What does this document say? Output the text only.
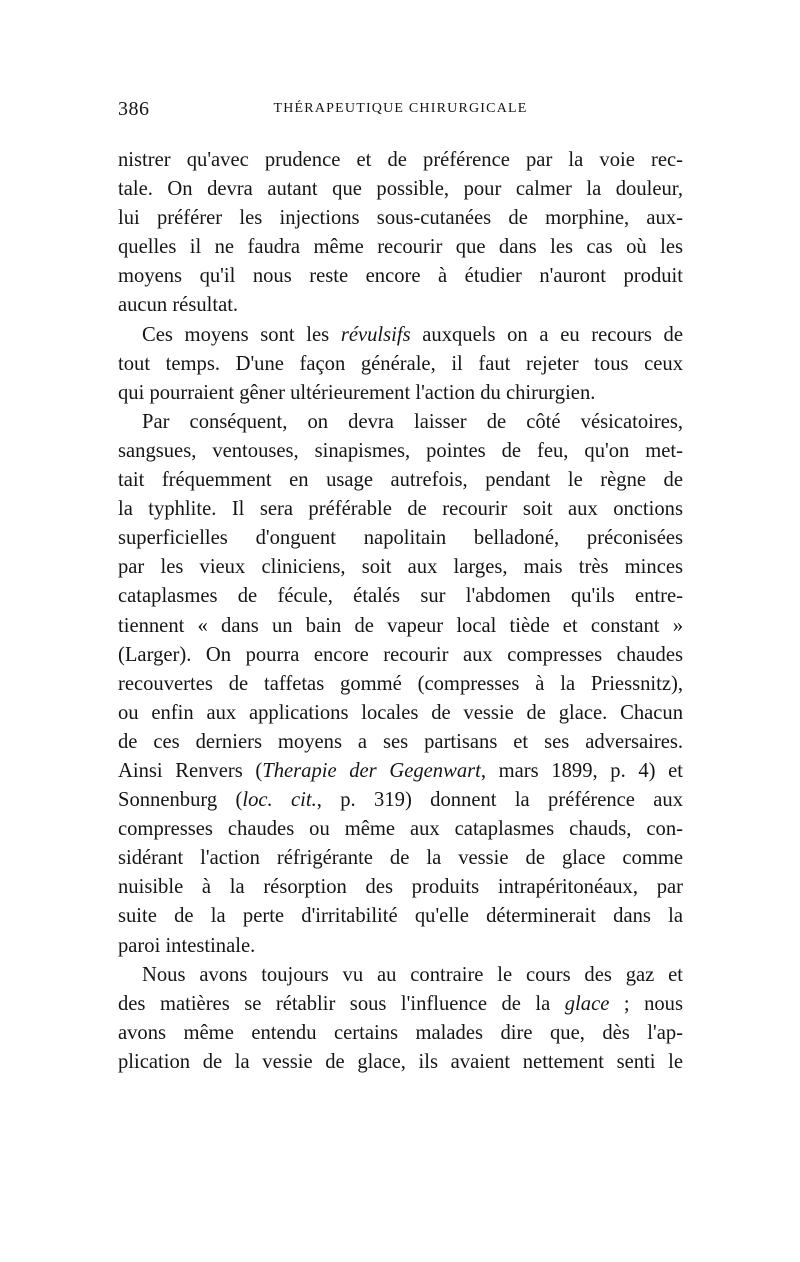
386	THÉRAPEUTIQUE CHIRURGICALE
nistrer qu'avec prudence et de préférence par la voie rec-
tale. On devra autant que possible, pour calmer la douleur,
lui préférer les injections sous-cutanées de morphine, aux-
quelles il ne faudra même recourir que dans les cas où les
moyens qu'il nous reste encore à étudier n'auront produit
aucun résultat.
Ces moyens sont les révulsifs auxquels on a eu recours de
tout temps. D'une façon générale, il faut rejeter tous ceux
qui pourraient gêner ultérieurement l'action du chirurgien.
Par conséquent, on devra laisser de côté vésicatoires,
sangsues, ventouses, sinapismes, pointes de feu, qu'on met-
tait fréquemment en usage autrefois, pendant le règne de
la typhlite. Il sera préférable de recourir soit aux onctions
superficielles d'onguent napolitain belladoné, préconisées
par les vieux cliniciens, soit aux larges, mais très minces
cataplasmes de fécule, étalés sur l'abdomen qu'ils entre-
tiennent « dans un bain de vapeur local tiède et constant »
(Larger). On pourra encore recourir aux compresses chaudes
recouvertes de taffetas gommé (compresses à la Priessnitz),
ou enfin aux applications locales de vessie de glace. Chacun
de ces derniers moyens a ses partisans et ses adversaires.
Ainsi Renvers (Therapie der Gegenwart, mars 1899, p. 4) et
Sonnenburg (loc. cit., p. 319) donnent la préférence aux
compresses chaudes ou même aux cataplasmes chauds, con-
sidérant l'action réfrigérante de la vessie de glace comme
nuisible à la résorption des produits intrapéritonéaux, par
suite de la perte d'irritabilité qu'elle déterminerait dans la
paroi intestinale.
Nous avons toujours vu au contraire le cours des gaz et
des matières se rétablir sous l'influence de la glace ; nous
avons même entendu certains malades dire que, dès l'ap-
plication de la vessie de glace, ils avaient nettement senti le
